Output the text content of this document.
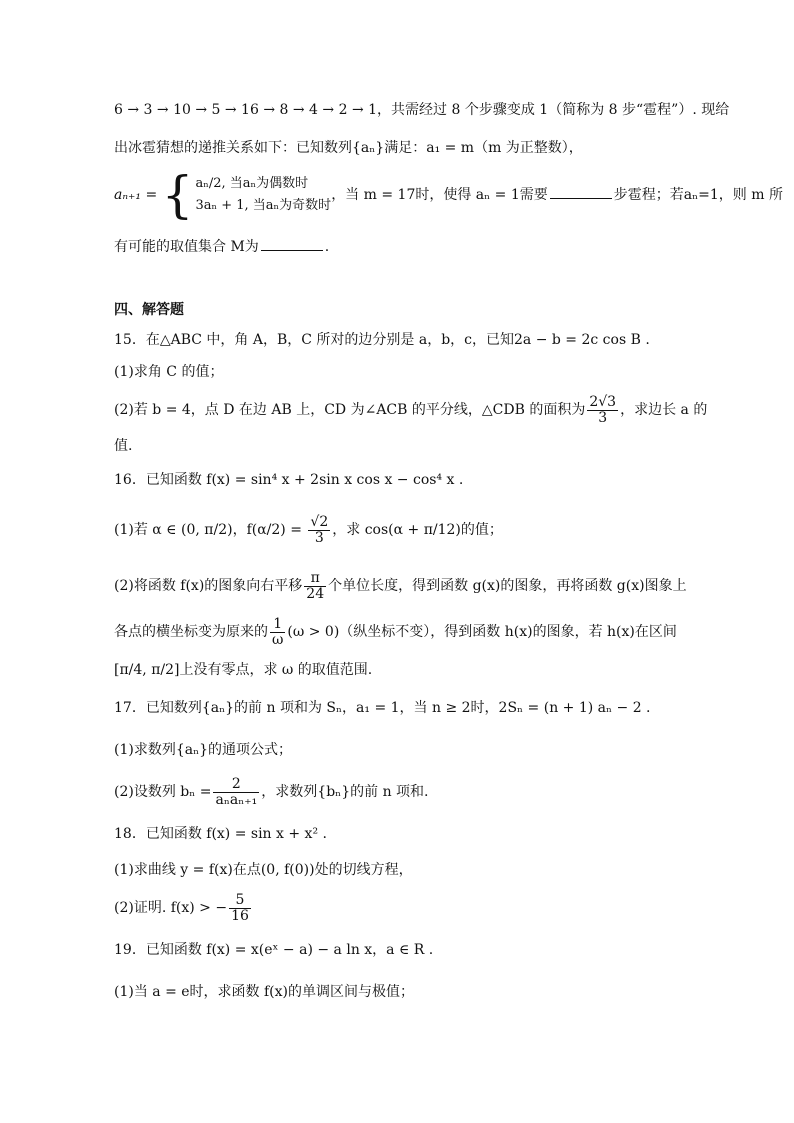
6 → 3 → 10 → 5 → 16 → 8 → 4 → 2 → 1，共需经过 8 个步骤变成 1（简称为 8 步“雹程”）. 现给
出冰雹猜想的递推关系如下：已知数列{aₙ}满足：a₁ = m（m 为正整数），
aₙ₊₁ = { aₙ/2, 当aₙ为偶数时
3aₙ + 1, 当aₙ为奇数时
，当 m = 17时，使得 aₙ = 1需要	步雹程；若aₙ=1，则 m 所
有可能的取值集合 M为	.
四、解答题
15．在△ABC 中，角 A，B，C 所对的边分别是 a，b，c，已知2a − b = 2c cos B .
(1)求角 C 的值；
(2)若 b = 4，点 D 在边 AB 上，CD 为∠ACB 的平分线，△CDB 的面积为 $\frac{2√3}{3}$ ，求边长 a 的
值.
16．已知函数 f(x) = sin⁴ x + 2sin x cos x − cos⁴ x .
(1)若 α ∈ (0, π/2)，$f(\alpha/2) = \frac{√2}{3}$ ，求 cos(α + π/12)的值；
(2)将函数 f(x)的图象向右平移 $\frac{\pi}{24}$ 个单位长度，得到函数 g(x)的图象，再将函数 g(x)图象上
各点的横坐标变为原来的 $\frac{1}{\omega} (\omega > 0)$（纵坐标不变），得到函数 h(x)的图象，若 h(x)在区间
[π/4, π/2]上没有零点，求 ω 的取值范围.
17．已知数列{aₙ}的前 n 项和为 Sₙ，a₁ = 1，当 n ≥ 2时，2Sₙ = (n + 1) aₙ − 2 .
(1)求数列{aₙ}的通项公式；
(2)设数列 $b_n = \frac{2}{\text{aₙaₙ₊₁}}$ ，求数列{bₙ}的前 n 项和.
18．已知函数 f(x) = sin x + x² .
(1)求曲线 y = f(x)在点(0, f(0))处的切线方程，
(2)证明. f(x) > − $\frac{5}{16}$
19．已知函数 f(x) = x(eˣ − a) − a ln x，a ∈ R .
(1)当 a = e时，求函数 f(x)的单调区间与极值；
